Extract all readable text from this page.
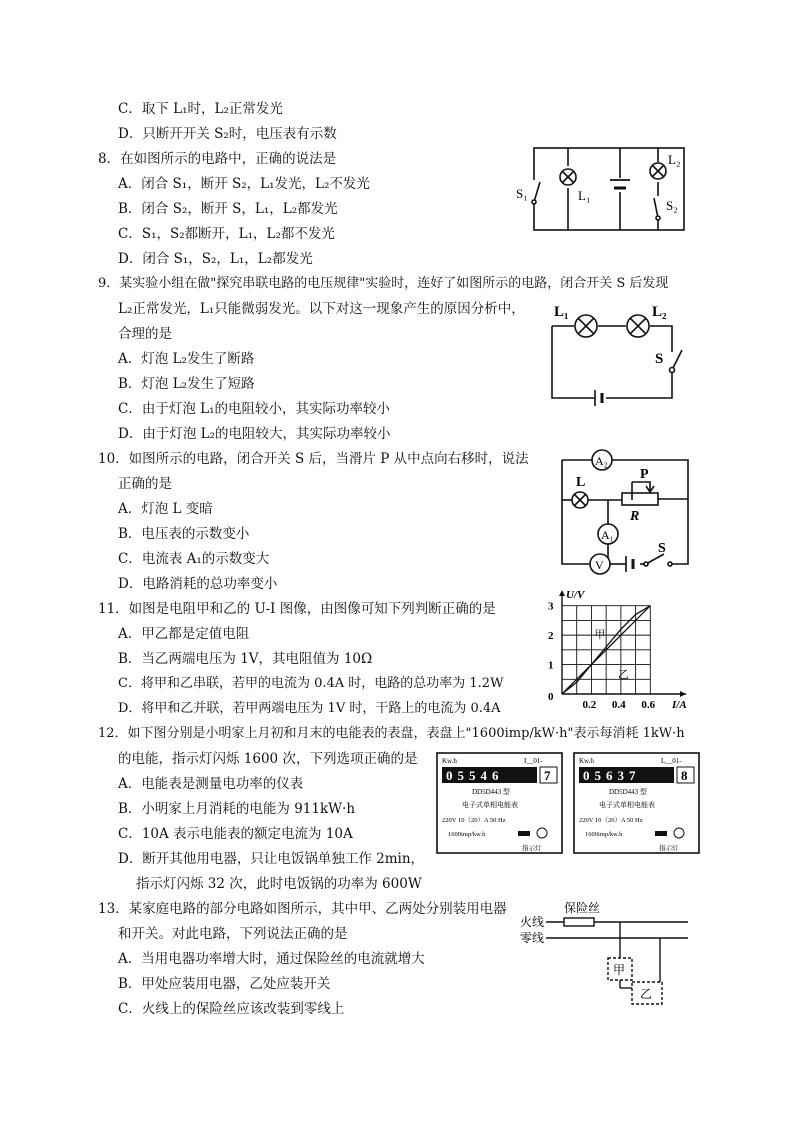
C．取下 L₁时，L₂正常发光
D．只断开开关 S₂时，电压表有示数
8．在如图所示的电路中，正确的说法是
A．闭合 S₁，断开 S₂，L₁发光，L₂不发光
B．闭合 S₂，断开 S，L₁，L₂都发光
C．S₁，S₂都断开，L₁，L₂都不发光
D．闭合 S₁，S₂，L₁，L₂都发光
9．某实验小组在做"探究串联电路的电压规律"实验时，连好了如图所示的电路，闭合开关 S 后发现
L₂正常发光，L₁只能微弱发光。以下对这一现象产生的原因分析中，
合理的是
A．灯泡 L₂发生了断路
B．灯泡 L₂发生了短路
C．由于灯泡 L₁的电阻较小，其实际功率较小
D．由于灯泡 L₂的电阻较大，其实际功率较小
10．如图所示的电路，闭合开关 S 后，当滑片 P 从中点向右移时，说法
正确的是
A．灯泡 L 变暗
B．电压表的示数变小
C．电流表 A₁的示数变大
D．电路消耗的总功率变小
11．如图是电阻甲和乙的 U-I 图像，由图像可知下列判断正确的是
A．甲乙都是定值电阻
B．当乙两端电压为 1V，其电阻值为 10Ω
C．将甲和乙串联，若甲的电流为 0.4A 时，电路的总功率为 1.2W
D．将甲和乙并联，若甲两端电压为 1V 时，干路上的电流为 0.4A
12．如下图分别是小明家上月初和月末的电能表的表盘，表盘上"1600imp/kW·h"表示每消耗 1kW·h
的电能，指示灯闪烁 1600 次，下列选项正确的是
A．电能表是测量电功率的仪表
B．小明家上月消耗的电能为 911kW·h
C．10A 表示电能表的额定电流为 10A
D．断开其他用电器，只让电饭锅单独工作 2min，
指示灯闪烁 32 次，此时电饭锅的功率为 600W
13．某家庭电路的部分电路如图所示，其中甲、乙两处分别装用电器
和开关。对此电路，下列说法正确的是
A．当用电器功率增大时，通过保险丝的电流就增大
B．甲处应装用电器，乙处应装开关
C．火线上的保险丝应该改装到零线上
S₁	L₁
L₂
S₂
L₁	L₂
S
A₂
A₁
V
L
P
R
S
0.2 0.4 0.6
1
2
3
0
I/A
U/V
甲
乙
Kw.h	I__01-
05546	7
DD5D443 型
电子式单相电能表
220V 10（20）A 50 Hz
1600imp/kw.h
指示灯
Kw.h	L__01-
05637	8
DD5D443 型
电子式单相电能表
220V 10（20）A 50 Hz
1600imp/kw.h
指示灯
火线
零线
保险丝
甲
乙
